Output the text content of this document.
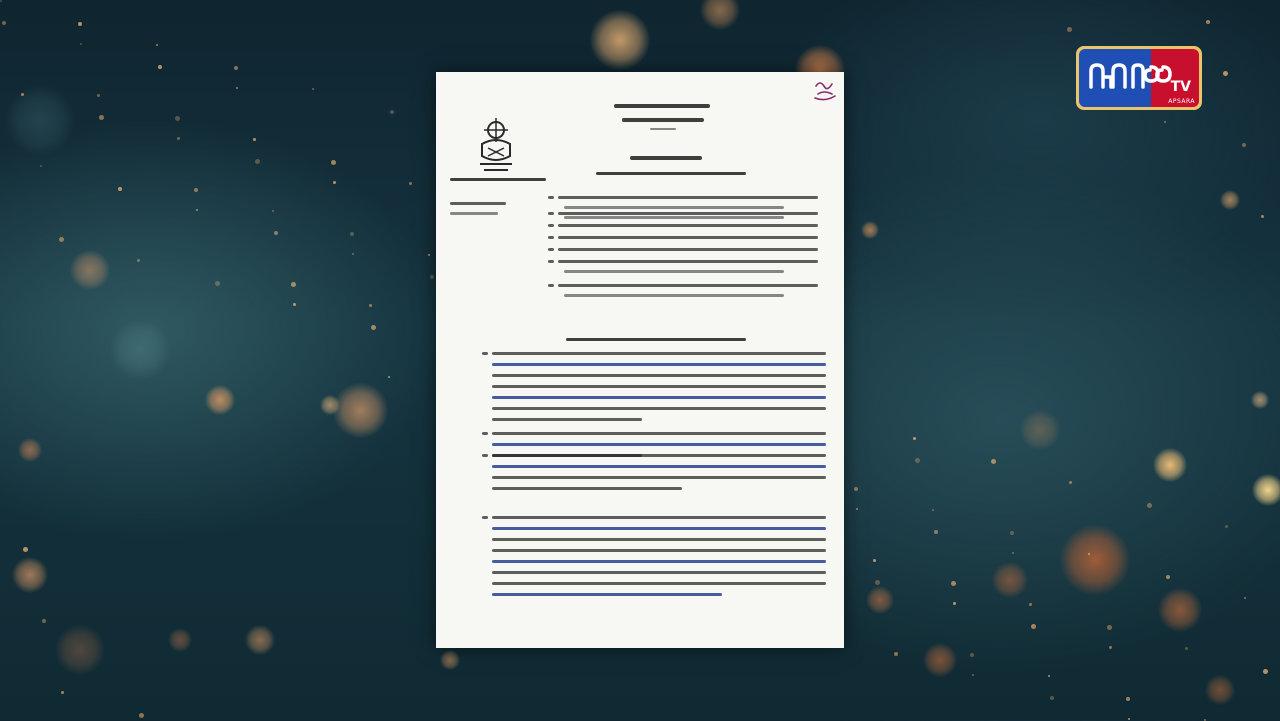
TV
APSARA
